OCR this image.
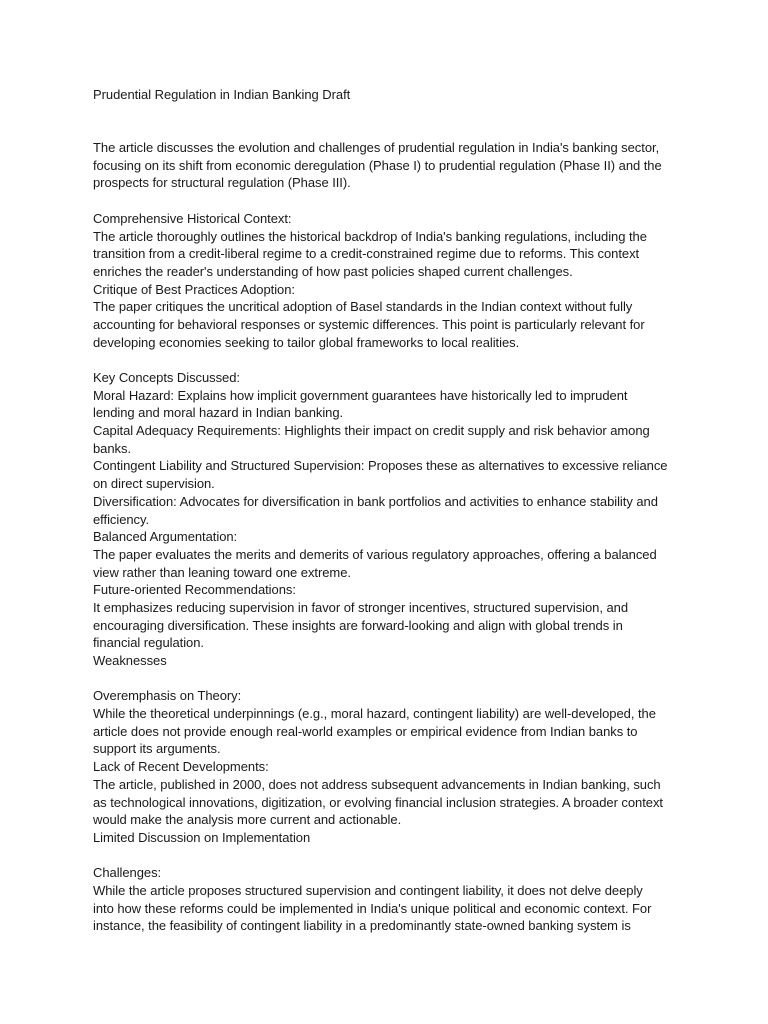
Prudential Regulation in Indian Banking Draft
The article discusses the evolution and challenges of prudential regulation in India's banking sector,
focusing on its shift from economic deregulation (Phase I) to prudential regulation (Phase II) and the
prospects for structural regulation (Phase III).
Comprehensive Historical Context:
The article thoroughly outlines the historical backdrop of India's banking regulations, including the
transition from a credit-liberal regime to a credit-constrained regime due to reforms. This context
enriches the reader's understanding of how past policies shaped current challenges.
Critique of Best Practices Adoption:
The paper critiques the uncritical adoption of Basel standards in the Indian context without fully
accounting for behavioral responses or systemic differences. This point is particularly relevant for
developing economies seeking to tailor global frameworks to local realities.
Key Concepts Discussed:
Moral Hazard: Explains how implicit government guarantees have historically led to imprudent
lending and moral hazard in Indian banking.
Capital Adequacy Requirements: Highlights their impact on credit supply and risk behavior among
banks.
Contingent Liability and Structured Supervision: Proposes these as alternatives to excessive reliance
on direct supervision.
Diversification: Advocates for diversification in bank portfolios and activities to enhance stability and
efficiency.
Balanced Argumentation:
The paper evaluates the merits and demerits of various regulatory approaches, offering a balanced
view rather than leaning toward one extreme.
Future-oriented Recommendations:
It emphasizes reducing supervision in favor of stronger incentives, structured supervision, and
encouraging diversification. These insights are forward-looking and align with global trends in
financial regulation.
Weaknesses
Overemphasis on Theory:
While the theoretical underpinnings (e.g., moral hazard, contingent liability) are well-developed, the
article does not provide enough real-world examples or empirical evidence from Indian banks to
support its arguments.
Lack of Recent Developments:
The article, published in 2000, does not address subsequent advancements in Indian banking, such
as technological innovations, digitization, or evolving financial inclusion strategies. A broader context
would make the analysis more current and actionable.
Limited Discussion on Implementation
Challenges:
While the article proposes structured supervision and contingent liability, it does not delve deeply
into how these reforms could be implemented in India's unique political and economic context. For
instance, the feasibility of contingent liability in a predominantly state-owned banking system is
